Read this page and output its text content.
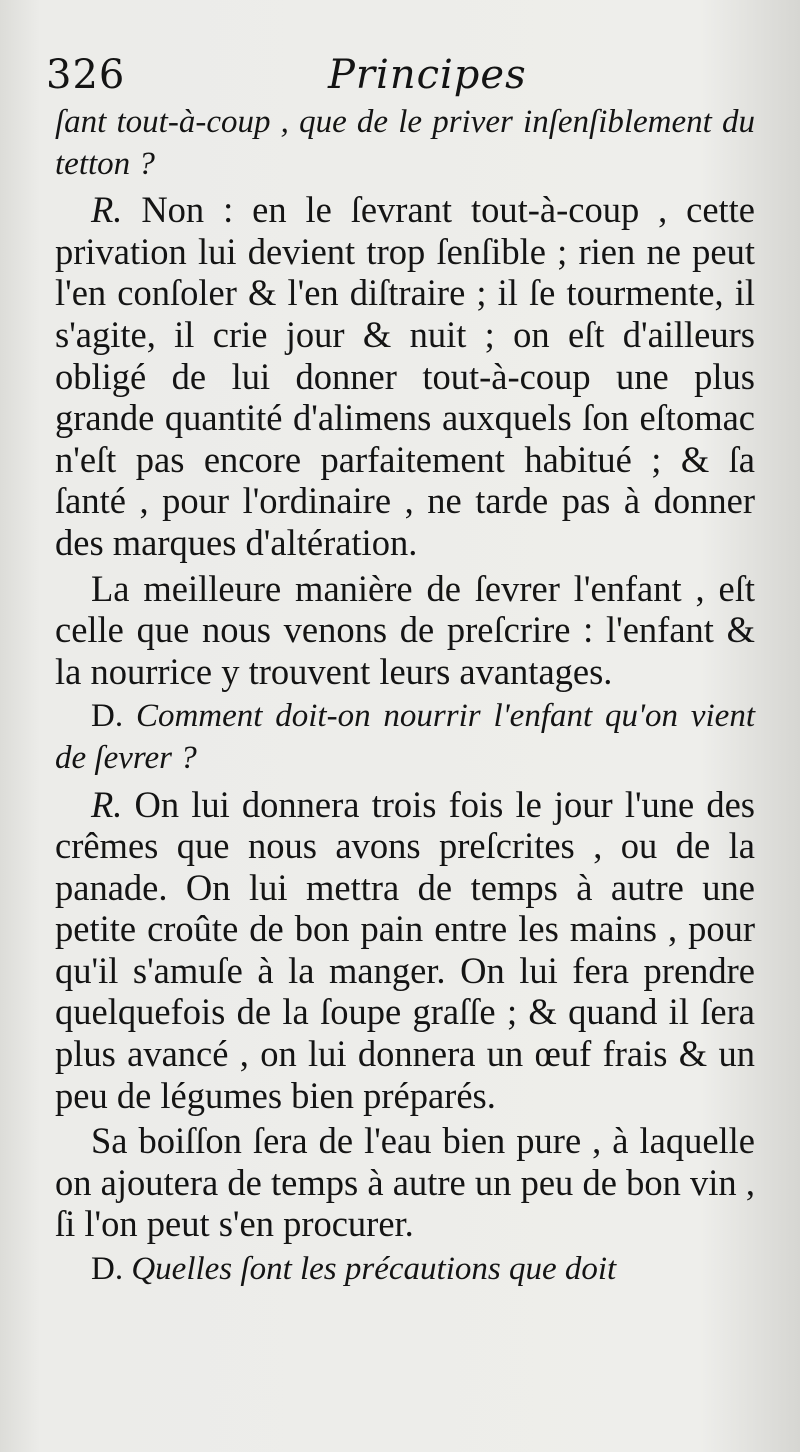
326	Principes

ſant tout-à-coup , que de le priver inſenſiblement du tetton ?

R. Non : en le ſevrant tout-à-coup , cette privation lui devient trop ſenſible ; rien ne peut l'en conſoler & l'en diſtraire ; il ſe tourmente, il s'agite, il crie jour & nuit ; on eſt d'ailleurs obligé de lui donner tout-à-coup une plus grande quantité d'alimens auxquels ſon eſtomac n'eſt pas encore parfaitement habitué ; & ſa ſanté , pour l'ordinaire , ne tarde pas à donner des marques d'altération.

La meilleure manière de ſevrer l'enfant , eſt celle que nous venons de preſcrire : l'enfant & la nourrice y trouvent leurs avantages.

D. Comment doit-on nourrir l'enfant qu'on vient de ſevrer ?

R. On lui donnera trois fois le jour l'une des crêmes que nous avons preſcrites , ou de la panade. On lui mettra de temps à autre une petite croûte de bon pain entre les mains , pour qu'il s'amuſe à la manger. On lui fera prendre quelquefois de la ſoupe graſſe ; & quand il ſera plus avancé , on lui donnera un œuf frais & un peu de légumes bien préparés.

Sa boiſſon ſera de l'eau bien pure , à laquelle on ajoutera de temps à autre un peu de bon vin , ſi l'on peut s'en procurer.

D. Quelles ſont les précautions que doit
